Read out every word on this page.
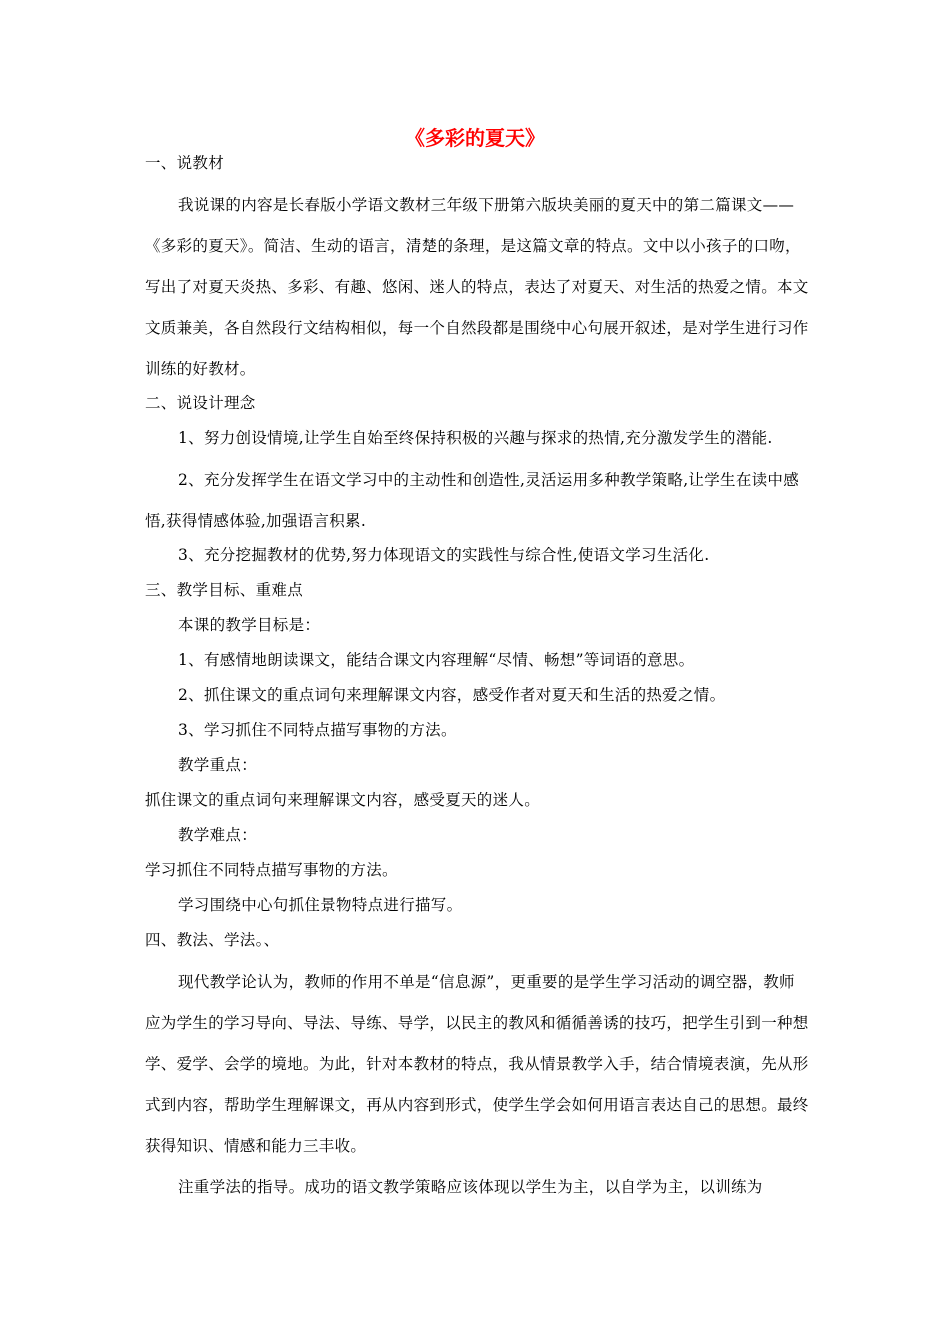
《多彩的夏天》

一、说教材

我说课的内容是长春版小学语文教材三年级下册第六版块美丽的夏天中的第二篇课文——《多彩的夏天》。简洁、生动的语言，清楚的条理，是这篇文章的特点。文中以小孩子的口吻，写出了对夏天炎热、多彩、有趣、悠闲、迷人的特点，表达了对夏天、对生活的热爱之情。本文文质兼美，各自然段行文结构相似，每一个自然段都是围绕中心句展开叙述，是对学生进行习作训练的好教材。

二、说设计理念

1、努力创设情境,让学生自始至终保持积极的兴趣与探求的热情,充分激发学生的潜能.

2、充分发挥学生在语文学习中的主动性和创造性,灵活运用多种教学策略,让学生在读中感悟,获得情感体验,加强语言积累.

3、充分挖掘教材的优势,努力体现语文的实践性与综合性,使语文学习生活化.

三、教学目标、重难点

本课的教学目标是：

1、有感情地朗读课文，能结合课文内容理解“尽情、畅想”等词语的意思。

2、抓住课文的重点词句来理解课文内容，感受作者对夏天和生活的热爱之情。

3、学习抓住不同特点描写事物的方法。

教学重点：

抓住课文的重点词句来理解课文内容，感受夏天的迷人。

教学难点：

学习抓住不同特点描写事物的方法。

学习围绕中心句抓住景物特点进行描写。

四、教法、学法。、

现代教学论认为，教师的作用不单是“信息源”，更重要的是学生学习活动的调空器，教师应为学生的学习导向、导法、导练、导学，以民主的教风和循循善诱的技巧，把学生引到一种想学、爱学、会学的境地。为此，针对本教材的特点，我从情景教学入手，结合情境表演，先从形式到内容，帮助学生理解课文，再从内容到形式，使学生学会如何用语言表达自己的思想。最终获得知识、情感和能力三丰收。

注重学法的指导。成功的语文教学策略应该体现以学生为主，以自学为主，以训练为
